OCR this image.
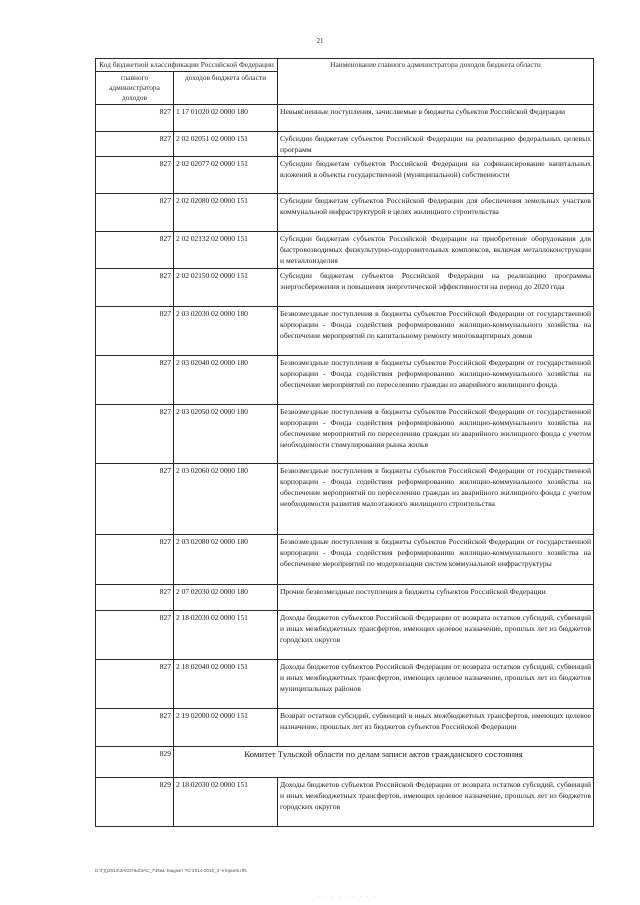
21
Код бюджетной классификации Российской Федерации		Наименование главного администратора доходов бюджета области
главного администратора доходов	доходов бюджета области	
827	1 17 01020 02 0000 180	Невыясненные поступления, зачисляемые в бюджеты субъектов Российской Федерации
827	2 02 02051 02 0000 151	Субсидии бюджетам субъектов Российской Федерации на реализацию федеральных целевых программ
827	2 02 02077 02 0000 151	Субсидии бюджетам субъектов Российской Федерации на софинансирование капитальных вложений в объекты государственной (муниципальной) собственности
827	2 02 02080 02 0000 151	Субсидии бюджетам субъектов Российской Федерации для обеспечения земельных участков коммунальной инфраструктурой в целях жилищного строительства
827	2 02 02132 02 0000 151	Субсидии бюджетам субъектов Российской Федерации на приобретение оборудования для быстровозводимых физкультурно-оздоровительных комплексов, включая металлоконструкции и металлоизделия
827	2 02 02150 02 0000 151	Субсидии бюджетам субъектов Российской Федерации на реализацию программы энергосбережения и повышения энергетической эффективности на период до 2020 года
827	2 03 02030 02 0000 180	Безвозмездные поступления в бюджеты субъектов Российской Федерации от государственной корпорации - Фонда содействия реформированию жилищно-коммунального хозяйства на обеспечение мероприятий по капитальному ремонту многоквартирных домов
827	2 03 02040 02 0000 180	Безвозмездные поступления в бюджеты субъектов Российской Федерации от государственной корпорации - Фонда содействия реформированию жилищно-коммунального хозяйства на обеспечение мероприятий по переселению граждан из аварийного жилищного фонда
827	2 03 02050 02 0000 180	Безвозмездные поступления в бюджеты субъектов Российской Федерации от государственной корпорации - Фонда содействия реформированию жилищно-коммунального хозяйства на обеспечение мероприятий по переселению граждан из аварийного жилищного фонда с учетом необходимости стимулирования рынка жилья
827	2 03 02060 02 0000 180	Безвозмездные поступления в бюджеты субъектов Российской Федерации от государственной корпорации - Фонда содействия реформированию жилищно-коммунального хозяйства на обеспечение мероприятий по переселению граждан из аварийного жилищного фонда с учетом необходимости развития малоэтажного жилищного строительства
827	2 03 02080 02 0000 180	Безвозмездные поступления в бюджеты субъектов Российской Федерации от государственной корпорации - Фонда содействия реформированию жилищно-коммунального хозяйства на обеспечение мероприятий по модернизации систем коммунальной инфраструктуры
827	2 07 02030 02 0000 180	Прочие безвозмездные поступления в бюджеты субъектов Российской Федерации
827	2 18 02030 02 0000 151	Доходы бюджетов субъектов Российской Федерации от возврата остатков субсидий, субвенций и иных межбюджетных трансфертов, имеющих целевое назначение, прошлых лет из бюджетов городских округов
827	2 18 02040 02 0000 151	Доходы бюджетов субъектов Российской Федерации от возврата остатков субсидий, субвенций и иных межбюджетных трансфертов, имеющих целевое назначение, прошлых лет из бюджетов муниципальных районов
827	2 19 02000 02 0000 151	Возврат остатков субсидий, субвенций и иных межбюджетных трансфертов, имеющих целевое назначение, прошлых лет из бюджетов субъектов Российской Федерации
829	Комитет Тульской области по делам записи актов гражданского состояния	
829	2 18 02030 02 0000 151	Доходы бюджетов субъектов Российской Федерации от возврата остатков субсидий, субвенций и иных межбюджетных трансфертов, имеющих целевое назначение, прошлых лет из бюджетов городских округов
D:\Г)()2014\ЗАКОНЫ\ЗАС_7\Изм. Бюджет ТО 2014-2016_3 чт\прил5.rtfs
· · · · · · · · ·
